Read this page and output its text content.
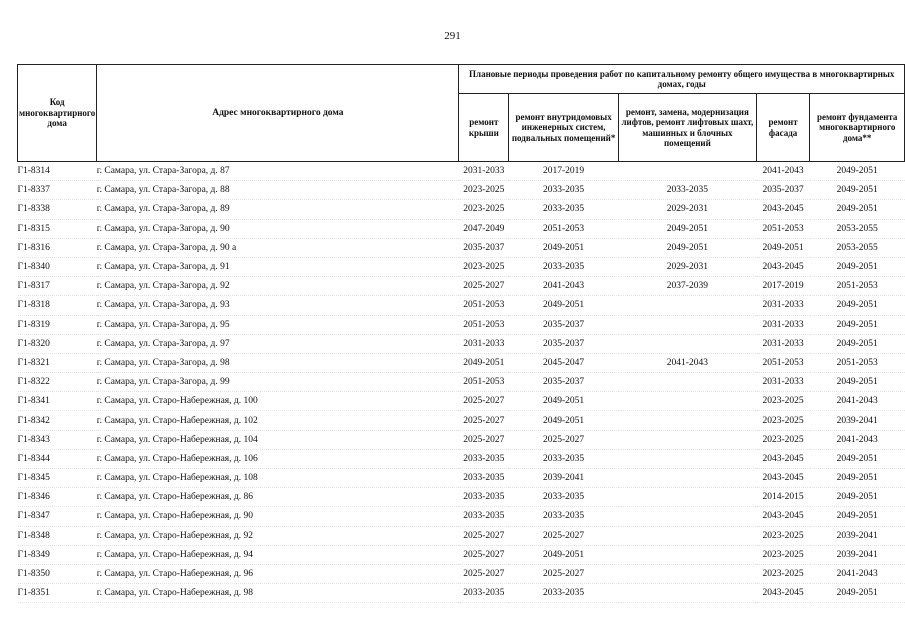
291
Код многоквартирного дома	Адрес многоквартирного дома	Плановые периоды проведения работ по капитальному ремонту общего имущества в многоквартирных домах, годы				
		ремонт крыши	ремонт внутридомовых инженерных систем, подвальных помещений*	ремонт, замена, модернизация лифтов, ремонт лифтовых шахт, машинных и блочных помещений	ремонт фасада	ремонт фундамента многоквартирного дома**
Г1-8314	г. Самара, ул. Стара-Загора, д. 87	2031-2033	2017-2019		2041-2043	2049-2051
Г1-8337	г. Самара, ул. Стара-Загора, д. 88	2023-2025	2033-2035	2033-2035	2035-2037	2049-2051
Г1-8338	г. Самара, ул. Стара-Загора, д. 89	2023-2025	2033-2035	2029-2031	2043-2045	2049-2051
Г1-8315	г. Самара, ул. Стара-Загора, д. 90	2047-2049	2051-2053	2049-2051	2051-2053	2053-2055
Г1-8316	г. Самара, ул. Стара-Загора, д. 90 а	2035-2037	2049-2051	2049-2051	2049-2051	2053-2055
Г1-8340	г. Самара, ул. Стара-Загора, д. 91	2023-2025	2033-2035	2029-2031	2043-2045	2049-2051
Г1-8317	г. Самара, ул. Стара-Загора, д. 92	2025-2027	2041-2043	2037-2039	2017-2019	2051-2053
Г1-8318	г. Самара, ул. Стара-Загора, д. 93	2051-2053	2049-2051		2031-2033	2049-2051
Г1-8319	г. Самара, ул. Стара-Загора, д. 95	2051-2053	2035-2037		2031-2033	2049-2051
Г1-8320	г. Самара, ул. Стара-Загора, д. 97	2031-2033	2035-2037		2031-2033	2049-2051
Г1-8321	г. Самара, ул. Стара-Загора, д. 98	2049-2051	2045-2047	2041-2043	2051-2053	2051-2053
Г1-8322	г. Самара, ул. Стара-Загора, д. 99	2051-2053	2035-2037		2031-2033	2049-2051
Г1-8341	г. Самара, ул. Старо-Набережная, д. 100	2025-2027	2049-2051		2023-2025	2041-2043
Г1-8342	г. Самара, ул. Старо-Набережная, д. 102	2025-2027	2049-2051		2023-2025	2039-2041
Г1-8343	г. Самара, ул. Старо-Набережная, д. 104	2025-2027	2025-2027		2023-2025	2041-2043
Г1-8344	г. Самара, ул. Старо-Набережная, д. 106	2033-2035	2033-2035		2043-2045	2049-2051
Г1-8345	г. Самара, ул. Старо-Набережная, д. 108	2033-2035	2039-2041		2043-2045	2049-2051
Г1-8346	г. Самара, ул. Старо-Набережная, д. 86	2033-2035	2033-2035		2014-2015	2049-2051
Г1-8347	г. Самара, ул. Старо-Набережная, д. 90	2033-2035	2033-2035		2043-2045	2049-2051
Г1-8348	г. Самара, ул. Старо-Набережная, д. 92	2025-2027	2025-2027		2023-2025	2039-2041
Г1-8349	г. Самара, ул. Старо-Набережная, д. 94	2025-2027	2049-2051		2023-2025	2039-2041
Г1-8350	г. Самара, ул. Старо-Набережная, д. 96	2025-2027	2025-2027		2023-2025	2041-2043
Г1-8351	г. Самара, ул. Старо-Набережная, д. 98	2033-2035	2033-2035		2043-2045	2049-2051
